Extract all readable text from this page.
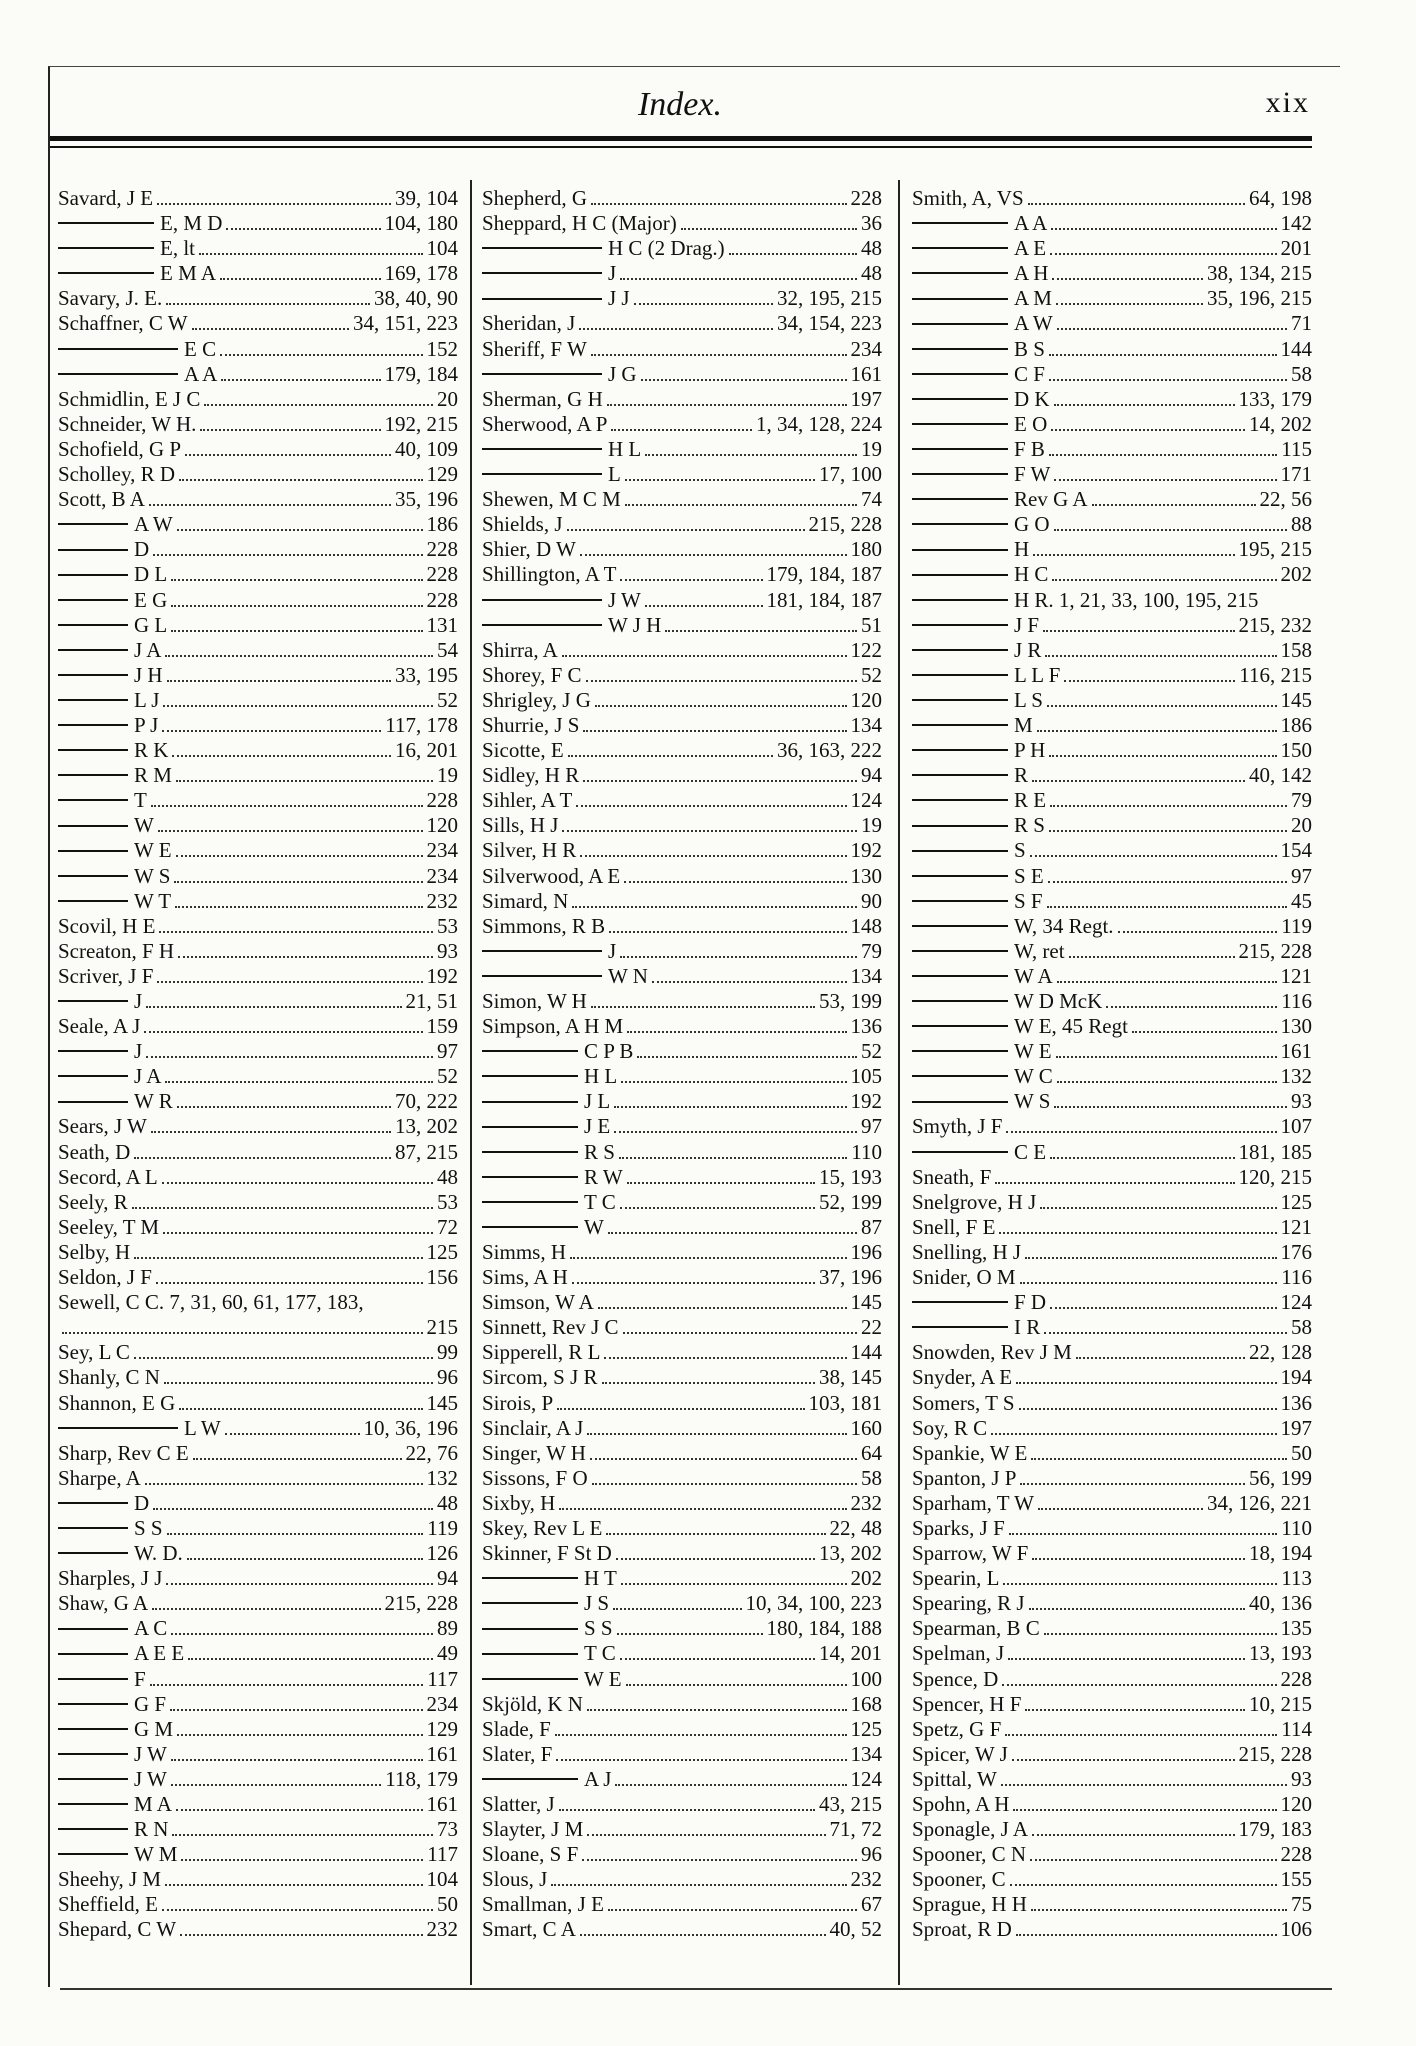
Index.	xix
Savard, J E	39, 104
E, M D	104, 180
E, lt	104
E M A	169, 178
Savary, J. E.	38, 40, 90
Schaffner, C W	34, 151, 223
E C	152
A A	179, 184
Schmidlin, E J C	20
Schneider, W H.	192, 215
Schofield, G P	40, 109
Scholley, R D	129
Scott, B A	35, 196
A W	186
D	228
D L	228
E G	228
G L	131
J A	54
J H	33, 195
L J	52
P J	117, 178
R K	16, 201
R M	19
T	228
W	120
W E	234
W S	234
W T	232
Scovil, H E	53
Screaton, F H	93
Scriver, J F	192
J	21, 51
Seale, A J	159
J	97
J A	52
W R	70, 222
Sears, J W	13, 202
Seath, D	87, 215
Secord, A L	48
Seely, R	53
Seeley, T M	72
Selby, H	125
Seldon, J F	156
Sewell, C C. 7, 31, 60, 61, 177, 183,
215
Sey, L C	99
Shanly, C N	96
Shannon, E G	145
L W	10, 36, 196
Sharp, Rev C E	22, 76
Sharpe, A	132
D	48
S S	119
W. D.	126
Sharples, J J	94
Shaw, G A	215, 228
A C	89
A E E	49
F	117
G F	234
G M	129
J W	161
J W	118, 179
M A	161
R N	73
W M	117
Sheehy, J M	104
Sheffield, E	50
Shepard, C W	232
Shepherd, G	228
Sheppard, H C (Major)	36
H C (2 Drag.)	48
J	48
J J	32, 195, 215
Sheridan, J	34, 154, 223
Sheriff, F W	234
J G	161
Sherman, G H	197
Sherwood, A P	1, 34, 128, 224
H L	19
L	17, 100
Shewen, M C M	74
Shields, J	215, 228
Shier, D W	180
Shillington, A T	179, 184, 187
J W	181, 184, 187
W J H	51
Shirra, A	122
Shorey, F C	52
Shrigley, J G	120
Shurrie, J S	134
Sicotte, E	36, 163, 222
Sidley, H R	94
Sihler, A T	124
Sills, H J	19
Silver, H R	192
Silverwood, A E	130
Simard, N	90
Simmons, R B	148
J	79
W N	134
Simon, W H	53, 199
Simpson, A H M	136
C P B	52
H L	105
J L	192
J E	97
R S	110
R W	15, 193
T C	52, 199
W	87
Simms, H	196
Sims, A H	37, 196
Simson, W A	145
Sinnett, Rev J C	22
Sipperell, R L	144
Sircom, S J R	38, 145
Sirois, P	103, 181
Sinclair, A J	160
Singer, W H	64
Sissons, F O	58
Sixby, H	232
Skey, Rev L E	22, 48
Skinner, F St D	13, 202
H T	202
J S	10, 34, 100, 223
S S	180, 184, 188
T C	14, 201
W E	100
Skjöld, K N	168
Slade, F	125
Slater, F	134
A J	124
Slatter, J	43, 215
Slayter, J M	71, 72
Sloane, S F	96
Slous, J	232
Smallman, J E	67
Smart, C A	40, 52
Smith, A, VS	64, 198
A A	142
A E	201
A H	38, 134, 215
A M	35, 196, 215
A W	71
B S	144
C F	58
D K	133, 179
E O	14, 202
F B	115
F W	171
Rev G A	22, 56
G O	88
H	195, 215
H C	202
H R. 1, 21, 33, 100, 195, 215
J F	215, 232
J R	158
L L F	116, 215
L S	145
M	186
P H	150
R	40, 142
R E	79
R S	20
S	154
S E	97
S F	45
W, 34 Regt.	119
W, ret	215, 228
W A	121
W D McK	116
W E, 45 Regt	130
W E	161
W C	132
W S	93
Smyth, J F	107
C E	181, 185
Sneath, F	120, 215
Snelgrove, H J	125
Snell, F E	121
Snelling, H J	176
Snider, O M	116
F D	124
I R	58
Snowden, Rev J M	22, 128
Snyder, A E	194
Somers, T S	136
Soy, R C	197
Spankie, W E	50
Spanton, J P	56, 199
Sparham, T W	34, 126, 221
Sparks, J F	110
Sparrow, W F	18, 194
Spearin, L	113
Spearing, R J	40, 136
Spearman, B C	135
Spelman, J	13, 193
Spence, D	228
Spencer, H F	10, 215
Spetz, G F	114
Spicer, W J	215, 228
Spittal, W	93
Spohn, A H	120
Sponagle, J A	179, 183
Spooner, C N	228
Spooner, C	155
Sprague, H H	75
Sproat, R D	106
